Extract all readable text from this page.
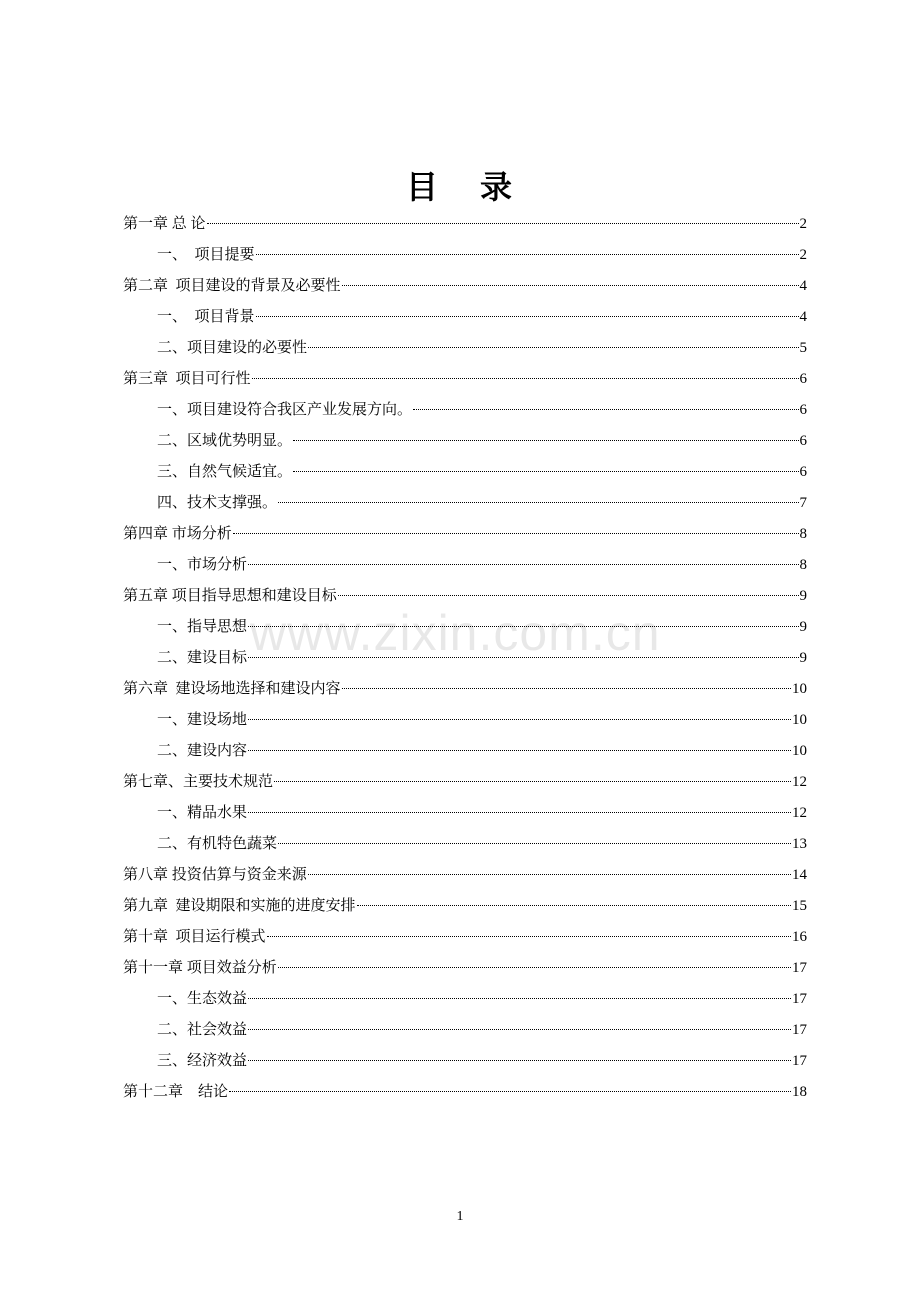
目 录
第一章 总 论	2
一、  项目提要	2
第二章  项目建设的背景及必要性	4
一、  项目背景	4
二、项目建设的必要性	5
第三章  项目可行性	6
一、项目建设符合我区产业发展方向。	6
二、区域优势明显。	6
三、自然气候适宜。	6
四、技术支撑强。	7
第四章 市场分析	8
一、市场分析	8
第五章 项目指导思想和建设目标	9
一、指导思想	9
二、建设目标	9
第六章  建设场地选择和建设内容	10
一、建设场地	10
二、建设内容	10
第七章、主要技术规范	12
一、精品水果	12
二、有机特色蔬菜	13
第八章 投资估算与资金来源	14
第九章  建设期限和实施的进度安排	15
第十章  项目运行模式	16
第十一章 项目效益分析	17
一、生态效益	17
二、社会效益	17
三、经济效益	17
第十二章    结论	18
www.zixin.com.cn
1
